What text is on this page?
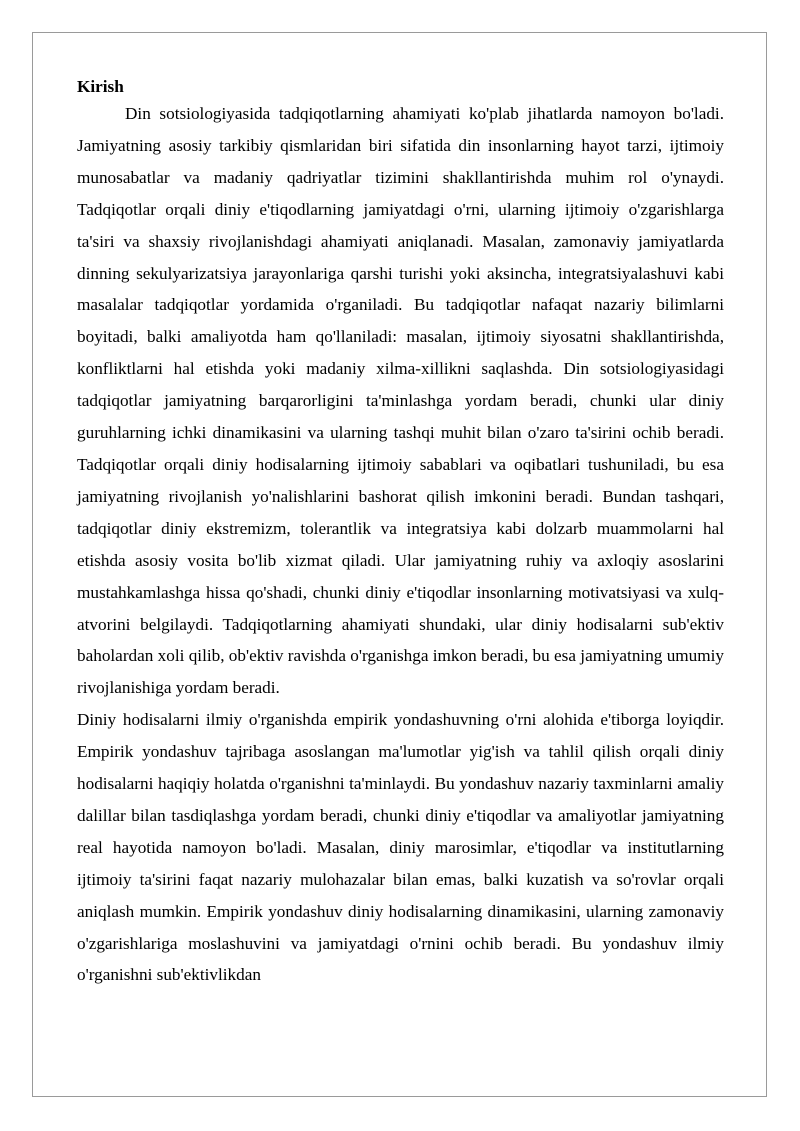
Kirish

Din sotsiologiyasida tadqiqotlarning ahamiyati ko'plab jihatlarda namoyon bo'ladi. Jamiyatning asosiy tarkibiy qismlaridan biri sifatida din insonlarning hayot tarzi, ijtimoiy munosabatlar va madaniy qadriyatlar tizimini shakllantirishda muhim rol o'ynaydi. Tadqiqotlar orqali diniy e'tiqodlarning jamiyatdagi o'rni, ularning ijtimoiy o'zgarishlarga ta'siri va shaxsiy rivojlanishdagi ahamiyati aniqlanadi. Masalan, zamonaviy jamiyatlarda dinning sekulyarizatsiya jarayonlariga qarshi turishi yoki aksincha, integratsiyalashuvi kabi masalalar tadqiqotlar yordamida o'rganiladi. Bu tadqiqotlar nafaqat nazariy bilimlarni boyitadi, balki amaliyotda ham qo'llaniladi: masalan, ijtimoiy siyosatni shakllantirishda, konfliktlarni hal etishda yoki madaniy xilma-xillikni saqlashda. Din sotsiologiyasidagi tadqiqotlar jamiyatning barqarorligini ta'minlashga yordam beradi, chunki ular diniy guruhlarning ichki dinamikasini va ularning tashqi muhit bilan o'zaro ta'sirini ochib beradi. Tadqiqotlar orqali diniy hodisalarning ijtimoiy sabablari va oqibatlari tushuniladi, bu esa jamiyatning rivojlanish yo'nalishlarini bashorat qilish imkonini beradi. Bundan tashqari, tadqiqotlar diniy ekstremizm, tolerantlik va integratsiya kabi dolzarb muammolarni hal etishda asosiy vosita bo'lib xizmat qiladi. Ular jamiyatning ruhiy va axloqiy asoslarini mustahkamlashga hissa qo'shadi, chunki diniy e'tiqodlar insonlarning motivatsiyasi va xulq-atvorini belgilaydi. Tadqiqotlarning ahamiyati shundaki, ular diniy hodisalarni sub'ektiv baholardan xoli qilib, ob'ektiv ravishda o'rganishga imkon beradi, bu esa jamiyatning umumiy rivojlanishiga yordam beradi.

Diniy hodisalarni ilmiy o'rganishda empirik yondashuvning o'rni alohida e'tiborga loyiqdir. Empirik yondashuv tajribaga asoslangan ma'lumotlar yig'ish va tahlil qilish orqali diniy hodisalarni haqiqiy holatda o'rganishni ta'minlaydi. Bu yondashuv nazariy taxminlarni amaliy dalillar bilan tasdiqlashga yordam beradi, chunki diniy e'tiqodlar va amaliyotlar jamiyatning real hayotida namoyon bo'ladi. Masalan, diniy marosimlar, e'tiqodlar va institutlarning ijtimoiy ta'sirini faqat nazariy mulohazalar bilan emas, balki kuzatish va so'rovlar orqali aniqlash mumkin. Empirik yondashuv diniy hodisalarning dinamikasini, ularning zamonaviy o'zgarishlariga moslashuvini va jamiyatdagi o'rnini ochib beradi. Bu yondashuv ilmiy o'rganishni sub'ektivlikdan
